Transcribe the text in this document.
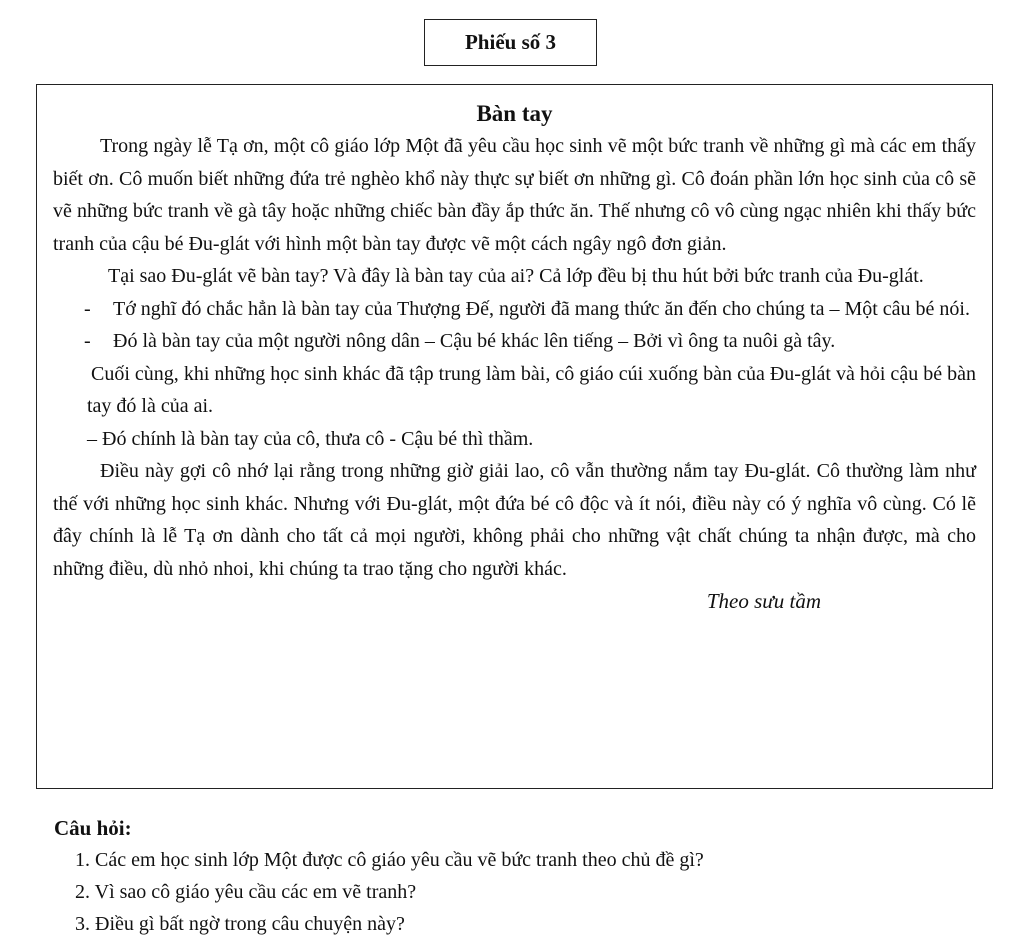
Phiếu số 3
Bàn tay

Trong ngày lễ Tạ ơn, một cô giáo lớp Một đã yêu cầu học sinh vẽ một bức tranh về những gì mà các em thấy biết ơn. Cô muốn biết những đứa trẻ nghèo khổ này thực sự biết ơn những gì. Cô đoán phần lớn học sinh của cô sẽ vẽ những bức tranh về gà tây hoặc những chiếc bàn đầy ắp thức ăn. Thế nhưng cô vô cùng ngạc nhiên khi thấy bức tranh của cậu bé Đu-glát với hình một bàn tay được vẽ một cách ngây ngô đơn giản.

Tại sao Đu-glát vẽ bàn tay? Và đây là bàn tay của ai? Cả lớp đều bị thu hút bởi bức tranh của Đu-glát.

- Tớ nghĩ đó chắc hẳn là bàn tay của Thượng Đế, người đã mang thức ăn đến cho chúng ta – Một câu bé nói.
- Đó là bàn tay của một người nông dân – Cậu bé khác lên tiếng – Bởi vì ông ta nuôi gà tây.

Cuối cùng, khi những học sinh khác đã tập trung làm bài, cô giáo cúi xuống bàn của Đu-glát và hỏi cậu bé bàn tay đó là của ai.

– Đó chính là bàn tay của cô, thưa cô - Cậu bé thì thầm.

Điều này gợi cô nhớ lại rằng trong những giờ giải lao, cô vẫn thường nắm tay Đu-glát. Cô thường làm như thế với những học sinh khác. Nhưng với Đu-glát, một đứa bé cô độc và ít nói, điều này có ý nghĩa vô cùng. Có lẽ đây chính là lễ Tạ ơn dành cho tất cả mọi người, không phải cho những vật chất chúng ta nhận được, mà cho những điều, dù nhỏ nhoi, khi chúng ta trao tặng cho người khác.

Theo sưu tầm
Câu hỏi:
1. Các em học sinh lớp Một được cô giáo yêu cầu vẽ bức tranh theo chủ đề gì?
2. Vì sao cô giáo yêu cầu các em vẽ tranh?
3. Điều gì bất ngờ trong câu chuyện này?
